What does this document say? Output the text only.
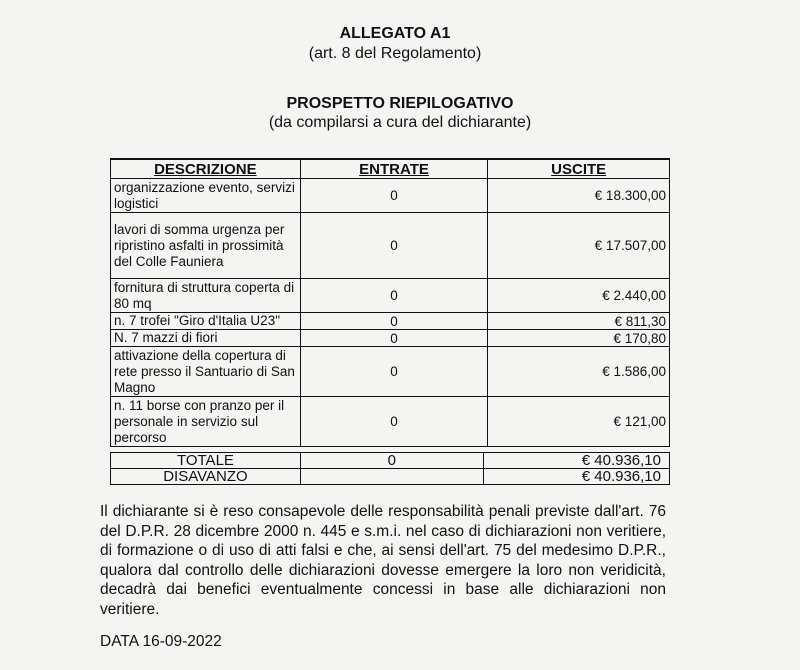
ALLEGATO A1
(art. 8 del Regolamento)
PROSPETTO RIEPILOGATIVO
(da compilarsi a cura del dichiarante)
DESCRIZIONE	ENTRATE	USCITE
organizzazione evento, servizi logistici	0	€ 18.300,00
lavori di somma urgenza per ripristino asfalti in prossimità del Colle Fauniera	0	€ 17.507,00
fornitura di struttura coperta di 80 mq	0	€ 2.440,00
n. 7 trofei "Giro d'Italia U23"	0	€ 811,30
N. 7 mazzi di fiori	0	€ 170,80
attivazione della copertura di rete presso il Santuario di San Magno	0	€ 1.586,00
n. 11 borse con pranzo per il personale in servizio sul percorso	0	€ 121,00
TOTALE	0	€ 40.936,10
DISAVANZO		€ 40.936,10
Il dichiarante si è reso consapevole delle responsabilità penali previste dall'art. 76 del D.P.R. 28 dicembre 2000 n. 445 e s.m.i. nel caso di dichiarazioni non veritiere, di formazione o di uso di atti falsi e che, ai sensi dell'art. 75 del medesimo D.P.R., qualora dal controllo delle dichiarazioni dovesse emergere la loro non veridicità, decadrà dai benefici eventualmente concessi in base alle dichiarazioni non veritiere.
DATA 16-09-2022
